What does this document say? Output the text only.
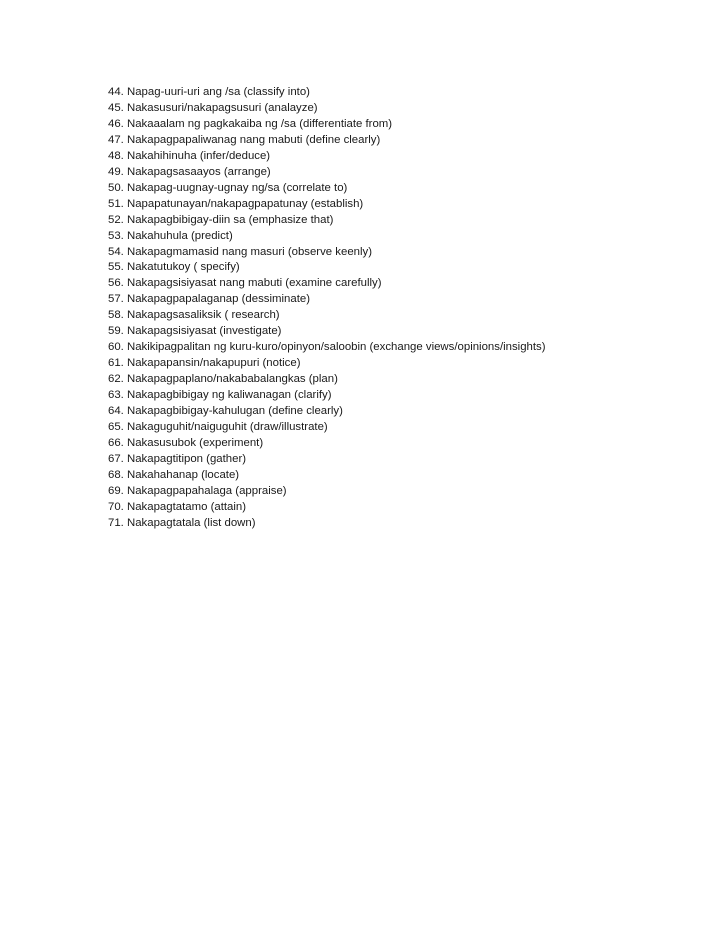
44. Napag-uuri-uri ang /sa (classify into)
45. Nakasusuri/nakapagsusuri (analayze)
46. Nakaaalam ng pagkakaiba ng /sa (differentiate from)
47. Nakapagpapaliwanag nang mabuti (define clearly)
48. Nakahihinuha (infer/deduce)
49. Nakapagsasaayos (arrange)
50. Nakapag-uugnay-ugnay ng/sa (correlate to)
51. Napapatunayan/nakapagpapatunay (establish)
52. Nakapagbibigay-diin sa (emphasize that)
53. Nakahuhula (predict)
54. Nakapagmamasid nang masuri (observe keenly)
55. Nakatutukoy ( specify)
56. Nakapagsisiyasat nang mabuti (examine carefully)
57. Nakapagpapalaganap (dessiminate)
58. Nakapagsasaliksik ( research)
59. Nakapagsisiyasat (investigate)
60. Nakikipagpalitan ng kuru-kuro/opinyon/saloobin (exchange views/opinions/insights)
61. Nakapapansin/nakapupuri (notice)
62. Nakapagpaplano/nakababalangkas (plan)
63. Nakapagbibigay ng kaliwanagan (clarify)
64. Nakapagbibigay-kahulugan (define clearly)
65. Nakaguguhit/naiguguhit (draw/illustrate)
66. Nakasusubok (experiment)
67. Nakapagtitipon (gather)
68. Nakahahanap (locate)
69. Nakapagpapahalaga (appraise)
70. Nakapagtatamo (attain)
71. Nakapagtatala (list down)
